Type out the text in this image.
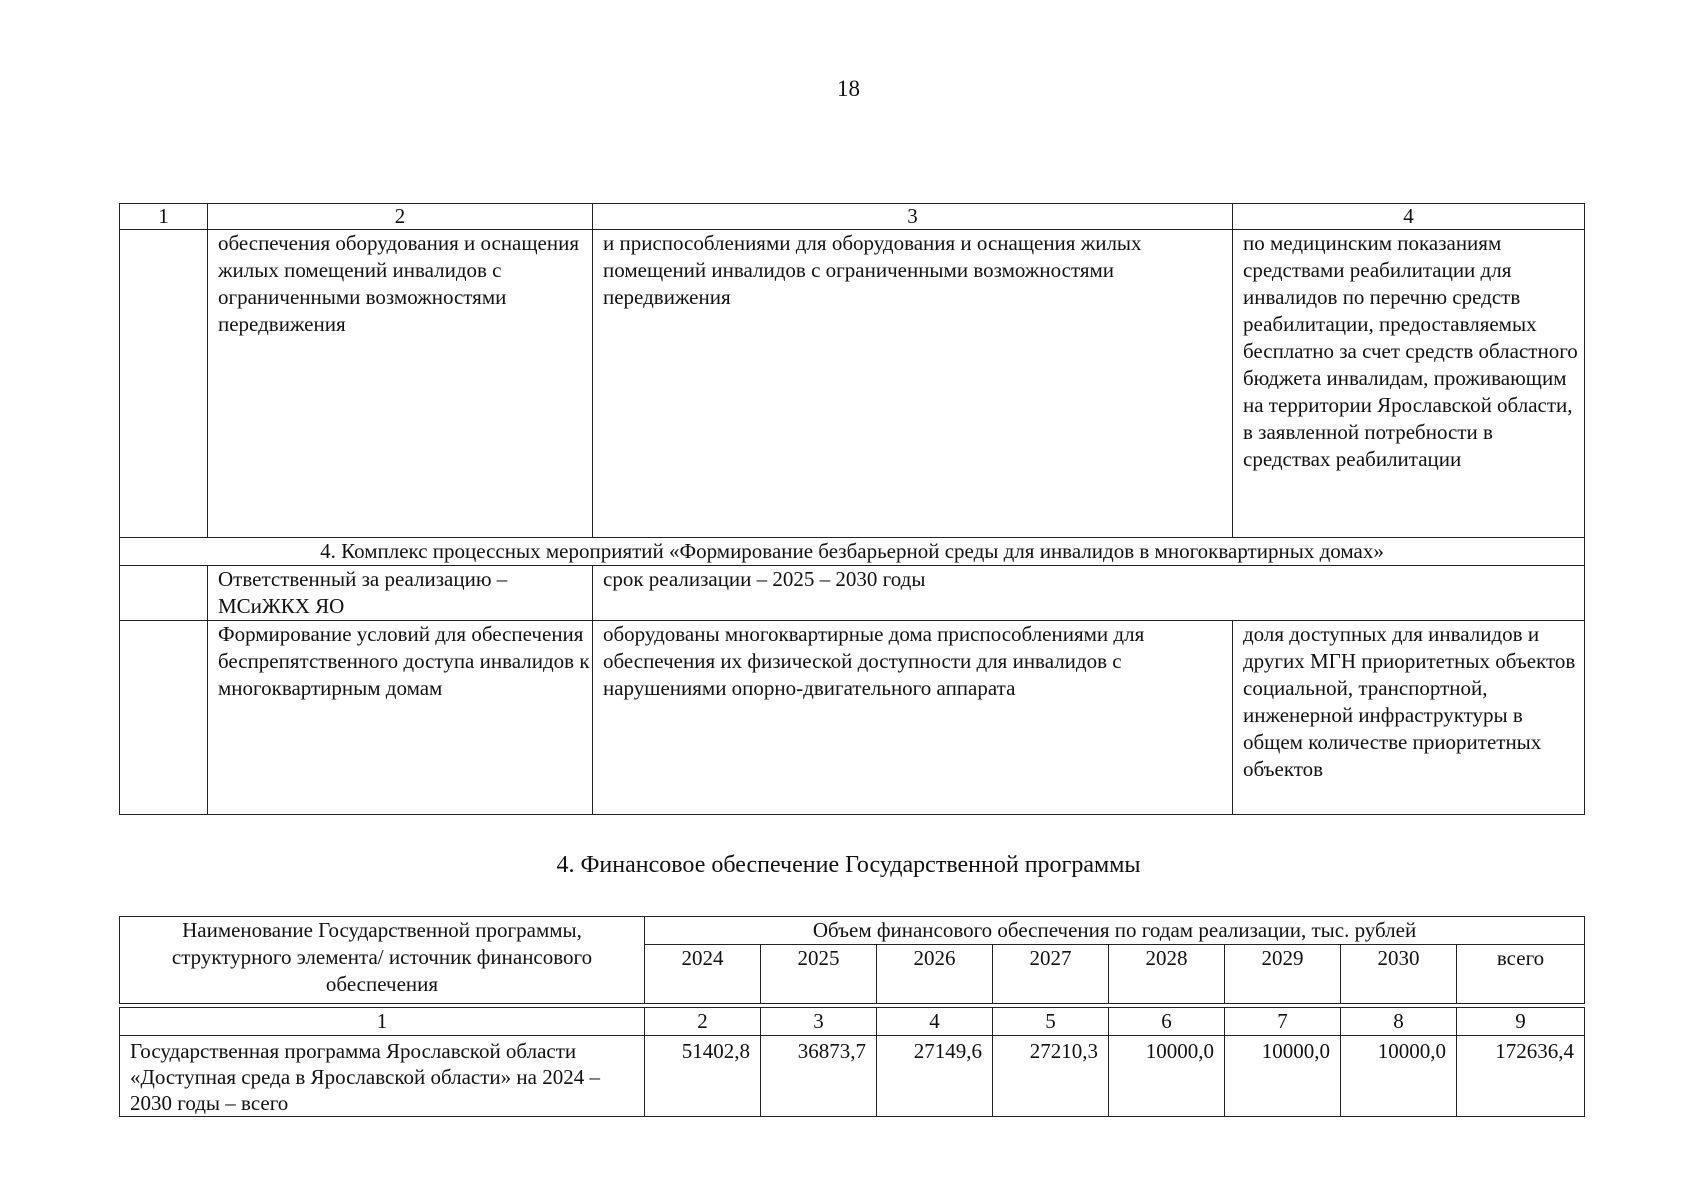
18
1	2	3	4
	обеспечения оборудования и оснащения жилых помещений инвалидов с ограниченными возможностями передвижения	и приспособлениями для оборудования и оснащения жилых помещений инвалидов с ограниченными возможностями передвижения	по медицинским показаниям средствами реабилитации для инвалидов по перечню средств реабилитации, предоставляемых бесплатно за счет средств областного бюджета инвалидам, проживающим на территории Ярославской области, в заявленной потребности в средствах реабилитации
4. Комплекс процессных мероприятий «Формирование безбарьерной среды для инвалидов в многоквартирных домах»			
	Ответственный за реализацию – МСиЖКХ ЯО	срок реализации – 2025 – 2030 годы	
	Формирование условий для обеспечения беспрепятственного доступа инвалидов к многоквартирным домам	оборудованы многоквартирные дома приспособлениями для обеспечения их физической доступности для инвалидов с нарушениями опорно-двигательного аппарата	доля доступных для инвалидов и других МГН приоритетных объектов социальной, транспортной, инженерной инфраструктуры в общем количестве приоритетных объектов
4. Финансовое обеспечение Государственной программы
Наименование Государственной программы, структурного элемента/ источник финансового обеспечения	Объем финансового обеспечения по годам реализации, тыс. рублей							
	2024	2025	2026	2027	2028	2029	2030	всего

1	2	3	4	5	6	7	8	9
Государственная программа Ярославской области «Доступная среда в Ярославской области» на 2024 – 2030 годы – всего	51402,8	36873,7	27149,6	27210,3	10000,0	10000,0	10000,0	172636,4
